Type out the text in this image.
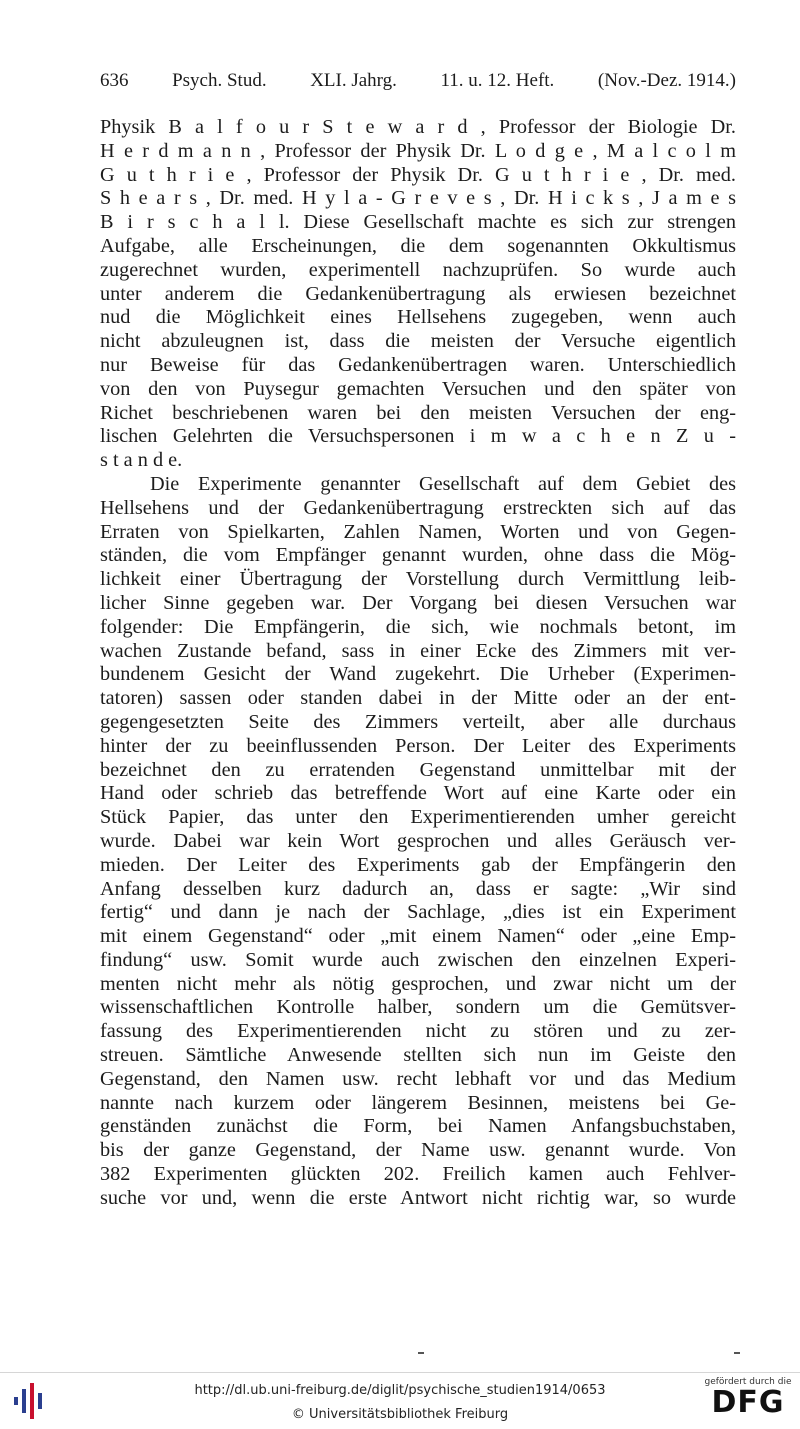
636 Psych. Stud. XLI. Jahrg. 11. u. 12. Heft. (Nov.-Dez. 1914.)
Physik B a l f o u r S t e w a r d , Professor der Biologie Dr.
H e r d m a n n , Professor der Physik Dr. L o d g e , M a l c o l m
G u t h r i e , Professor der Physik Dr. G u t h r i e , Dr. med.
S h e a r s , Dr. med. H y l a - G r e v e s , Dr. H i c k s , J a m e s
B i r s c h a l l. Diese Gesellschaft machte es sich zur strengen
Aufgabe, alle Erscheinungen, die dem sogenannten Okkultismus
zugerechnet wurden, experimentell nachzuprüfen. So wurde auch
unter anderem die Gedankenübertragung als erwiesen bezeichnet
nud die Möglichkeit eines Hellsehens zugegeben, wenn auch
nicht abzuleugnen ist, dass die meisten der Versuche eigentlich
nur Beweise für das Gedankenübertragen waren. Unterschiedlich
von den von Puysegur gemachten Versuchen und den später von
Richet beschriebenen waren bei den meisten Versuchen der eng-
lischen Gelehrten die Versuchspersonen i m w a c h e n Z u -
s t a n d e.
Die Experimente genannter Gesellschaft auf dem Gebiet des
Hellsehens und der Gedankenübertragung erstreckten sich auf das
Erraten von Spielkarten, Zahlen Namen, Worten und von Gegen-
ständen, die vom Empfänger genannt wurden, ohne dass die Mög-
lichkeit einer Übertragung der Vorstellung durch Vermittlung leib-
licher Sinne gegeben war. Der Vorgang bei diesen Versuchen war
folgender: Die Empfängerin, die sich, wie nochmals betont, im
wachen Zustande befand, sass in einer Ecke des Zimmers mit ver-
bundenem Gesicht der Wand zugekehrt. Die Urheber (Experimen-
tatoren) sassen oder standen dabei in der Mitte oder an der ent-
gegengesetzten Seite des Zimmers verteilt, aber alle durchaus
hinter der zu beeinflussenden Person. Der Leiter des Experiments
bezeichnet den zu erratenden Gegenstand unmittelbar mit der
Hand oder schrieb das betreffende Wort auf eine Karte oder ein
Stück Papier, das unter den Experimentierenden umher gereicht
wurde. Dabei war kein Wort gesprochen und alles Geräusch ver-
mieden. Der Leiter des Experiments gab der Empfängerin den
Anfang desselben kurz dadurch an, dass er sagte: „Wir sind
fertig“ und dann je nach der Sachlage, „dies ist ein Experiment
mit einem Gegenstand“ oder „mit einem Namen“ oder „eine Emp-
findung“ usw. Somit wurde auch zwischen den einzelnen Experi-
menten nicht mehr als nötig gesprochen, und zwar nicht um der
wissenschaftlichen Kontrolle halber, sondern um die Gemütsver-
fassung des Experimentierenden nicht zu stören und zu zer-
streuen. Sämtliche Anwesende stellten sich nun im Geiste den
Gegenstand, den Namen usw. recht lebhaft vor und das Medium
nannte nach kurzem oder längerem Besinnen, meistens bei Ge-
genständen zunächst die Form, bei Namen Anfangsbuchstaben,
bis der ganze Gegenstand, der Name usw. genannt wurde. Von
382 Experimenten glückten 202. Freilich kamen auch Fehlver-
suche vor und, wenn die erste Antwort nicht richtig war, so wurde
http://dl.ub.uni-freiburg.de/diglit/psychische_studien1914/0653
© Universitätsbibliothek Freiburg
gefördert durch die
DFG
